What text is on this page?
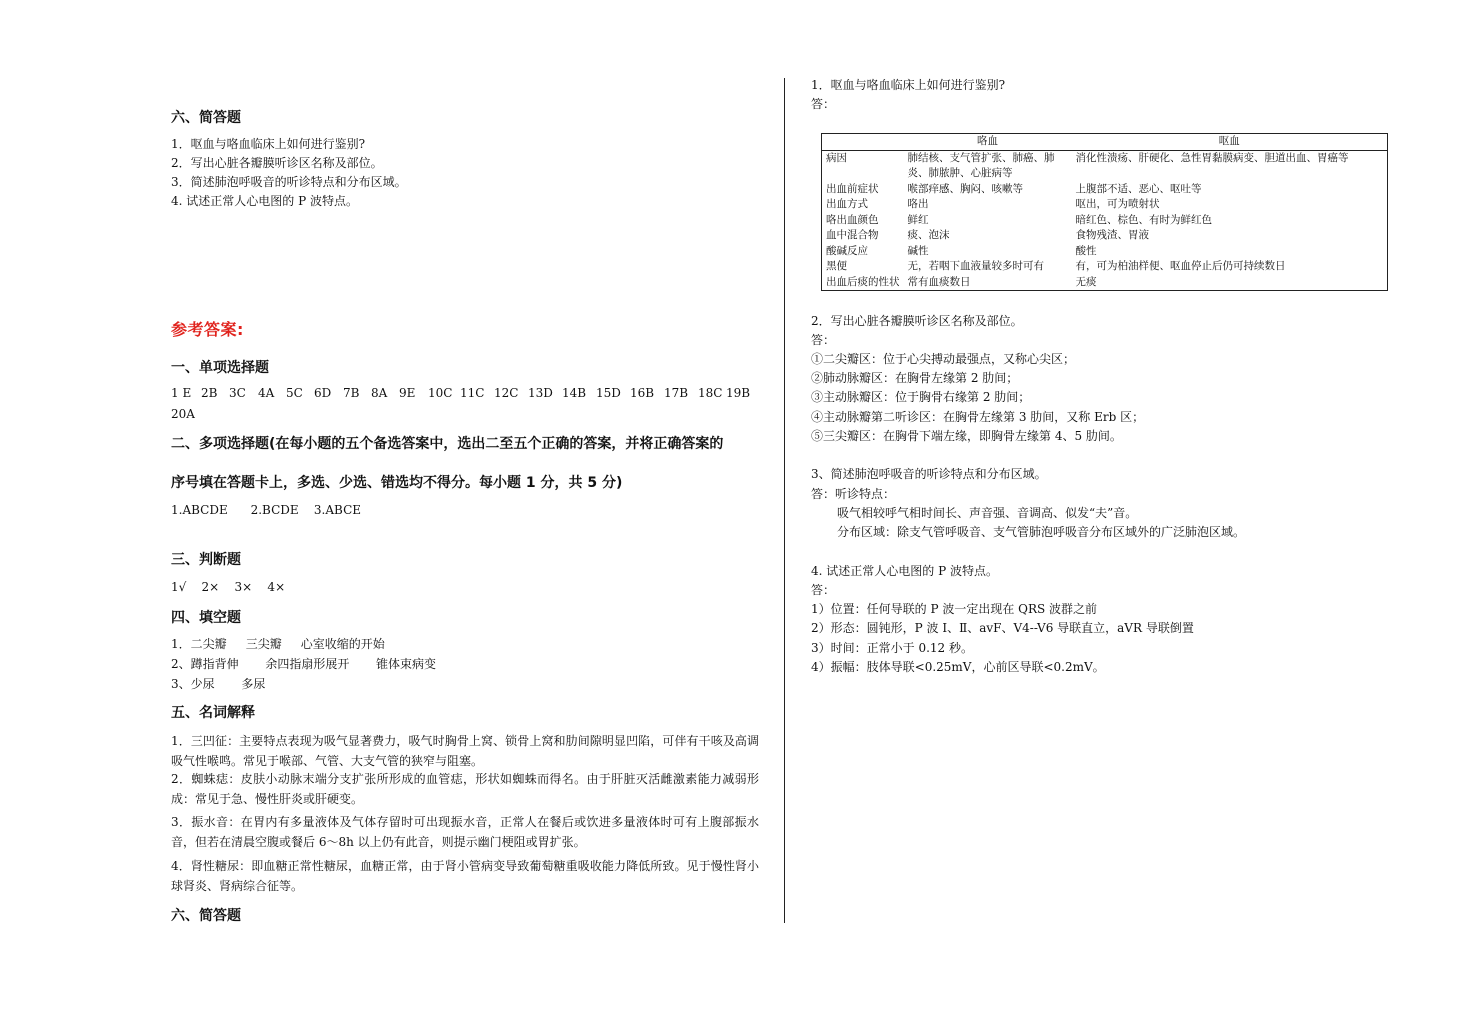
六、简答题
1．呕血与咯血临床上如何进行鉴别?
2．写出心脏各瓣膜听诊区名称及部位。
3．简述肺泡呼吸音的听诊特点和分布区域。
4. 试述正常人心电图的 P 波特点。
参考答案:
一、单项选择题
1 E 2B 3C 4A 5C 6D 7B 8A 9E 10C 11C 12C 13D 14B 15D 16B 17B 18C 19B
20A
二、多项选择题(在每小题的五个备选答案中，选出二至五个正确的答案，并将正确答案的
序号填在答题卡上，多选、少选、错选均不得分。每小题 1 分，共 5 分)
1.ABCDE      2.BCDE    3.ABCE
三、判断题
1√    2×    3×    4×
四、填空题
1．二尖瓣     三尖瓣     心室收缩的开始
2、蹲指背伸       余四指扇形展开       锥体束病变
3、少尿       多尿
五、名词解释
1．三凹征：主要特点表现为吸气显著费力，吸气时胸骨上窝、锁骨上窝和肋间隙明显凹陷，可伴有干咳及高调吸气性喉鸣。常见于喉部、气管、大支气管的狭窄与阻塞。
2．蜘蛛痣：皮肤小动脉末端分支扩张所形成的血管痣，形状如蜘蛛而得名。由于肝脏灭活雌激素能力减弱形成：常见于急、慢性肝炎或肝硬变。
3．振水音：在胃内有多量液体及气体存留时可出现振水音，正常人在餐后或饮进多量液体时可有上腹部振水音，但若在清晨空腹或餐后 6～8h 以上仍有此音，则提示幽门梗阻或胃扩张。
4．肾性糖尿：即血糖正常性糖尿，血糖正常，由于肾小管病变导致葡萄糖重吸收能力降低所致。见于慢性肾小球肾炎、肾病综合征等。
六、简答题
1．呕血与咯血临床上如何进行鉴别?
答：
	咯血	呕血
病因	肺结核、支气管扩张、肺癌、肺炎、肺脓肿、心脏病等	消化性溃疡、肝硬化、急性胃黏膜病变、胆道出血、胃癌等
出血前症状	喉部痒感、胸闷、咳嗽等	上腹部不适、恶心、呕吐等
出血方式	咯出	呕出，可为喷射状
咯出血颜色	鲜红	暗红色、棕色、有时为鲜红色
血中混合物	痰、泡沫	食物残渣、胃液
酸碱反应	碱性	酸性
黑便	无，若咽下血液量较多时可有	有，可为柏油样便、呕血停止后仍可持续数日
出血后痰的性状	常有血痰数日	无痰
2．写出心脏各瓣膜听诊区名称及部位。
答：
①二尖瓣区：位于心尖搏动最强点，又称心尖区；
②肺动脉瓣区：在胸骨左缘第 2 肋间；
③主动脉瓣区：位于胸骨右缘第 2 肋间；
④主动脉瓣第二听诊区：在胸骨左缘第 3 肋间，又称 Erb 区；
⑤三尖瓣区：在胸骨下端左缘，即胸骨左缘第 4、5 肋间。
3、简述肺泡呼吸音的听诊特点和分布区域。
答：听诊特点：
吸气相较呼气相时间长、声音强、音调高、似发“夫”音。
分布区域：除支气管呼吸音、支气管肺泡呼吸音分布区域外的广泛肺泡区域。
4. 试述正常人心电图的 P 波特点。
答：
1）位置：任何导联的 P 波一定出现在 QRS 波群之前
2）形态：圆钝形，P 波 Ⅰ、Ⅱ、avF、V4--V6 导联直立，aVR 导联倒置
3）时间：正常小于 0.12 秒。
4）振幅：肢体导联<0.25mV，心前区导联<0.2mV。
